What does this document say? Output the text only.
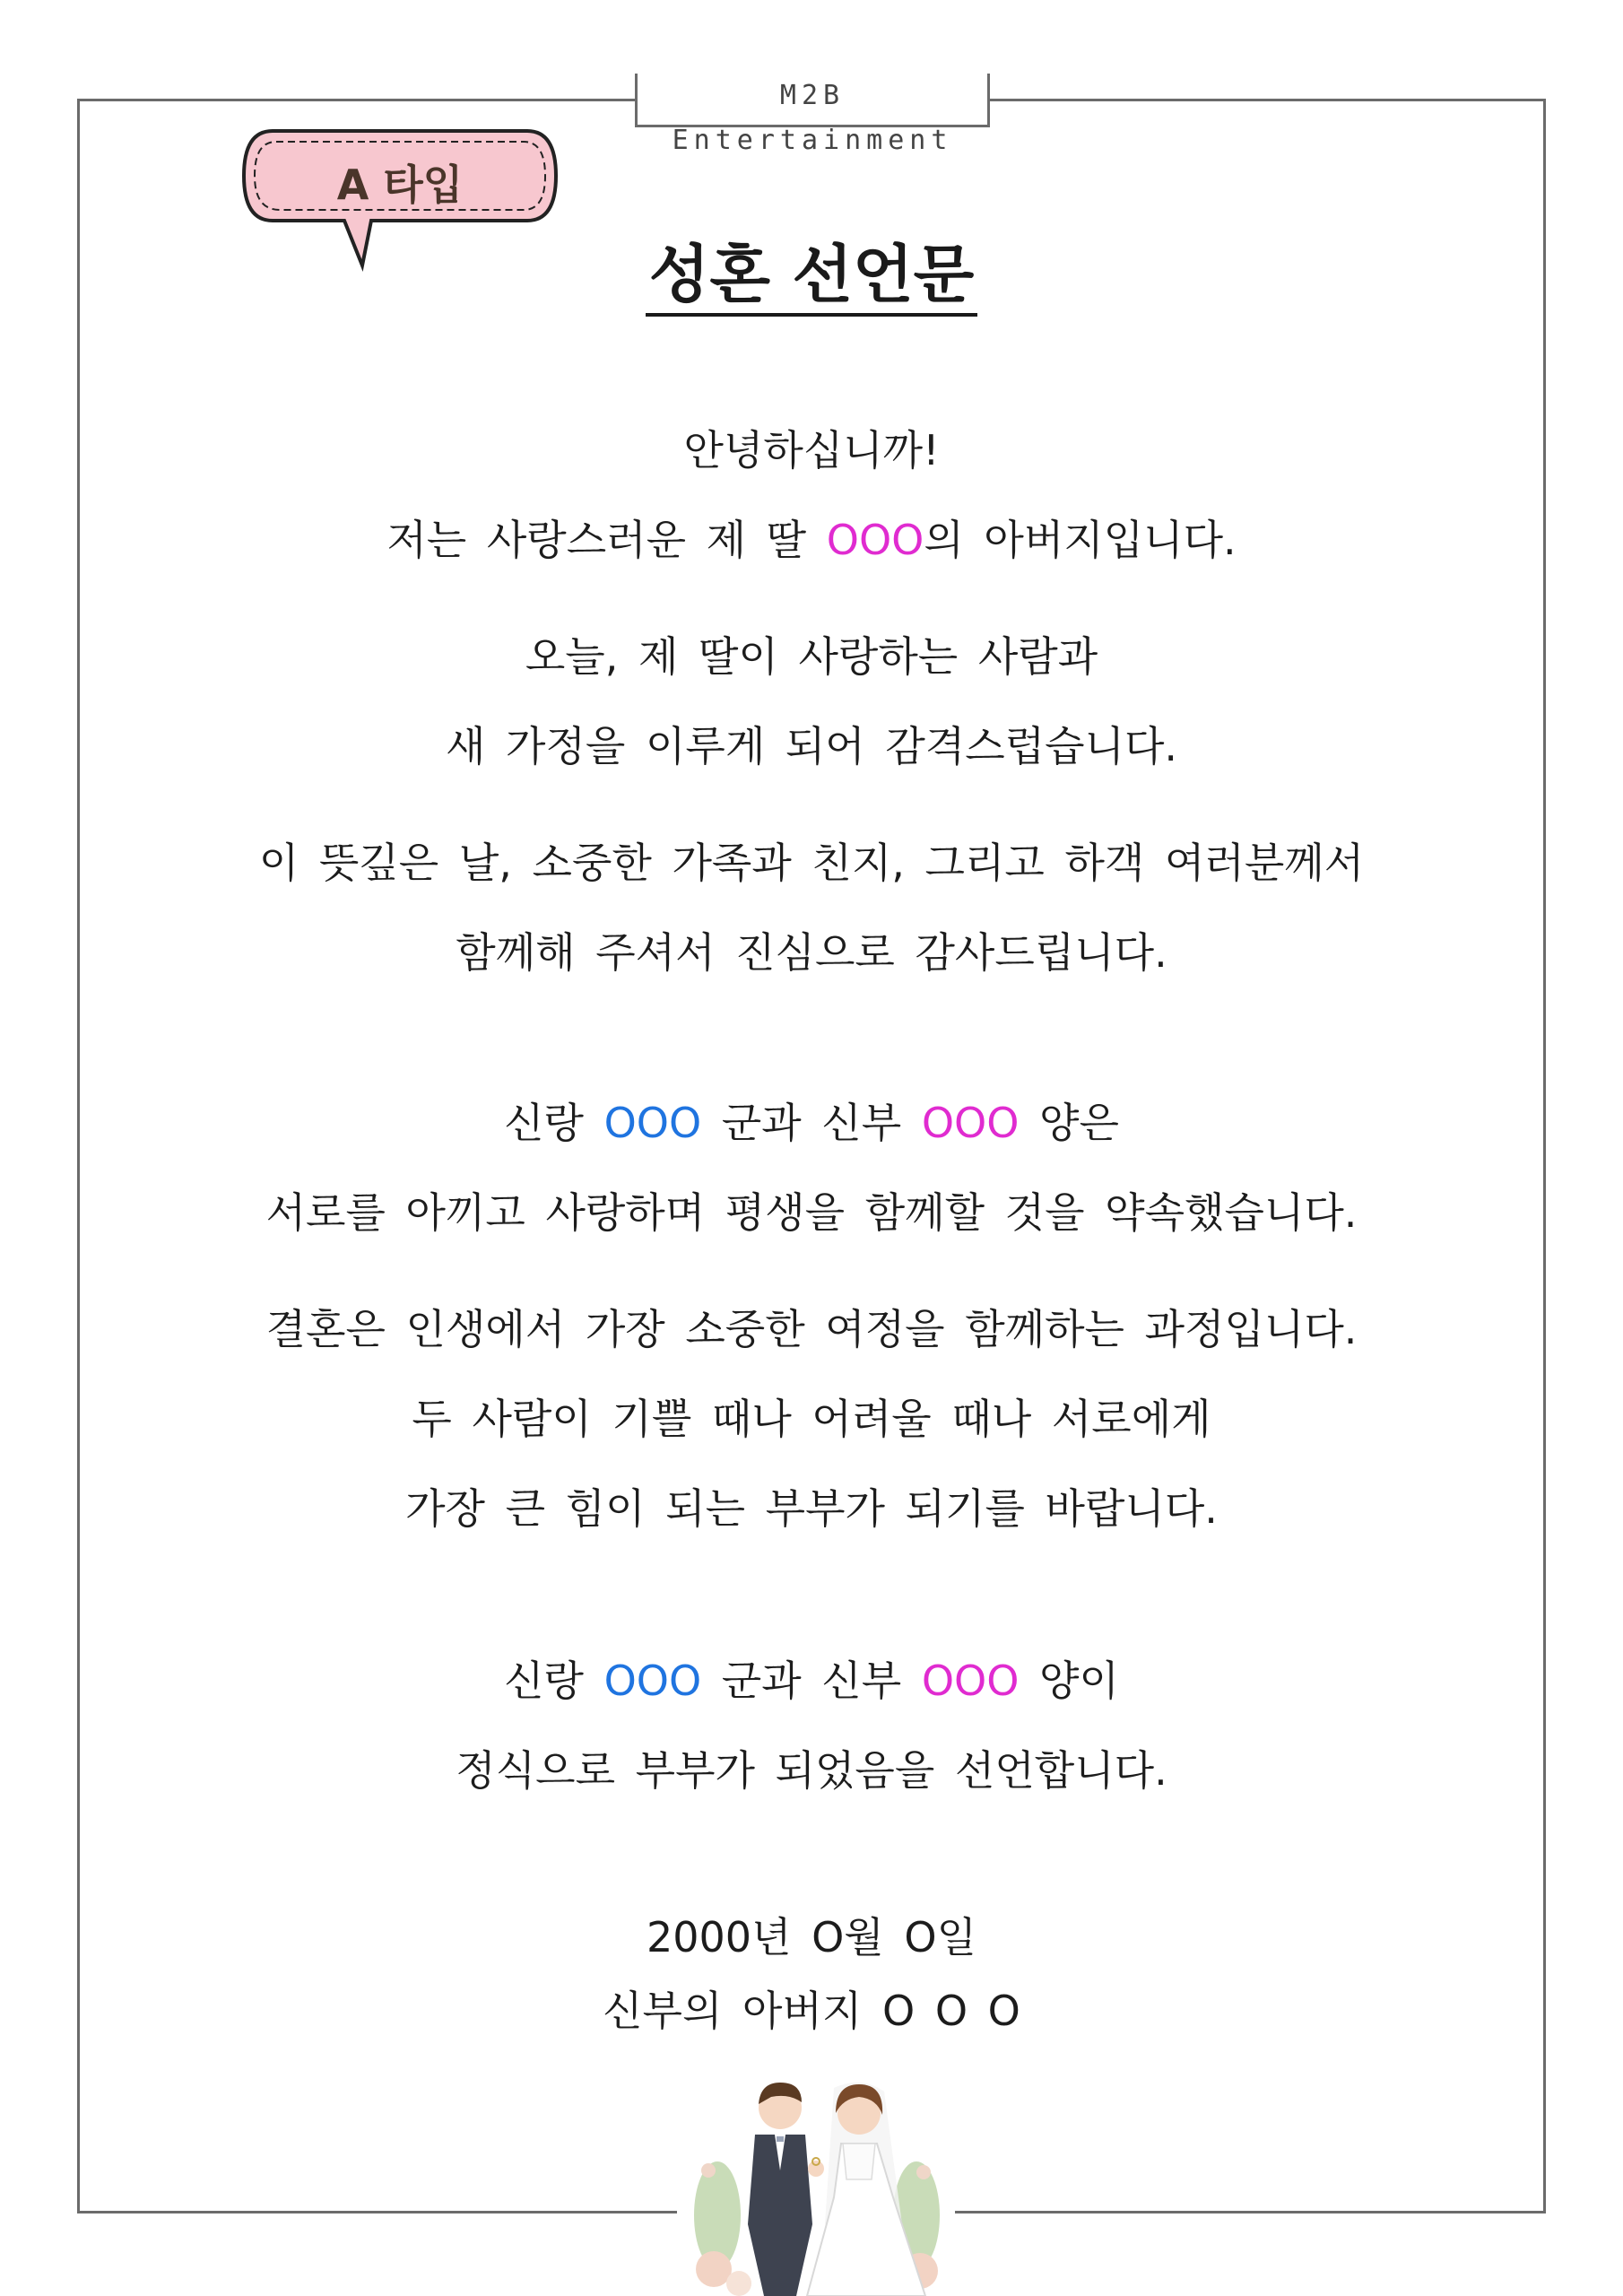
M2B Entertainment
A 타입
성혼 선언문
안녕하십니까!
저는 사랑스러운 제 딸 OOO의 아버지입니다.
오늘, 제 딸이 사랑하는 사람과
새 가정을 이루게 되어 감격스럽습니다.
이 뜻깊은 날, 소중한 가족과 친지, 그리고 하객 여러분께서
함께해 주셔서 진심으로 감사드립니다.
신랑 OOO 군과 신부 OOO 양은
서로를 아끼고 사랑하며 평생을 함께할 것을 약속했습니다.
결혼은 인생에서 가장 소중한 여정을 함께하는 과정입니다.
두 사람이 기쁠 때나 어려울 때나 서로에게
가장 큰 힘이 되는 부부가 되기를 바랍니다.
신랑 OOO 군과 신부 OOO 양이
정식으로 부부가 되었음을 선언합니다.
2000년 O월 O일
신부의 아버지 O O O
